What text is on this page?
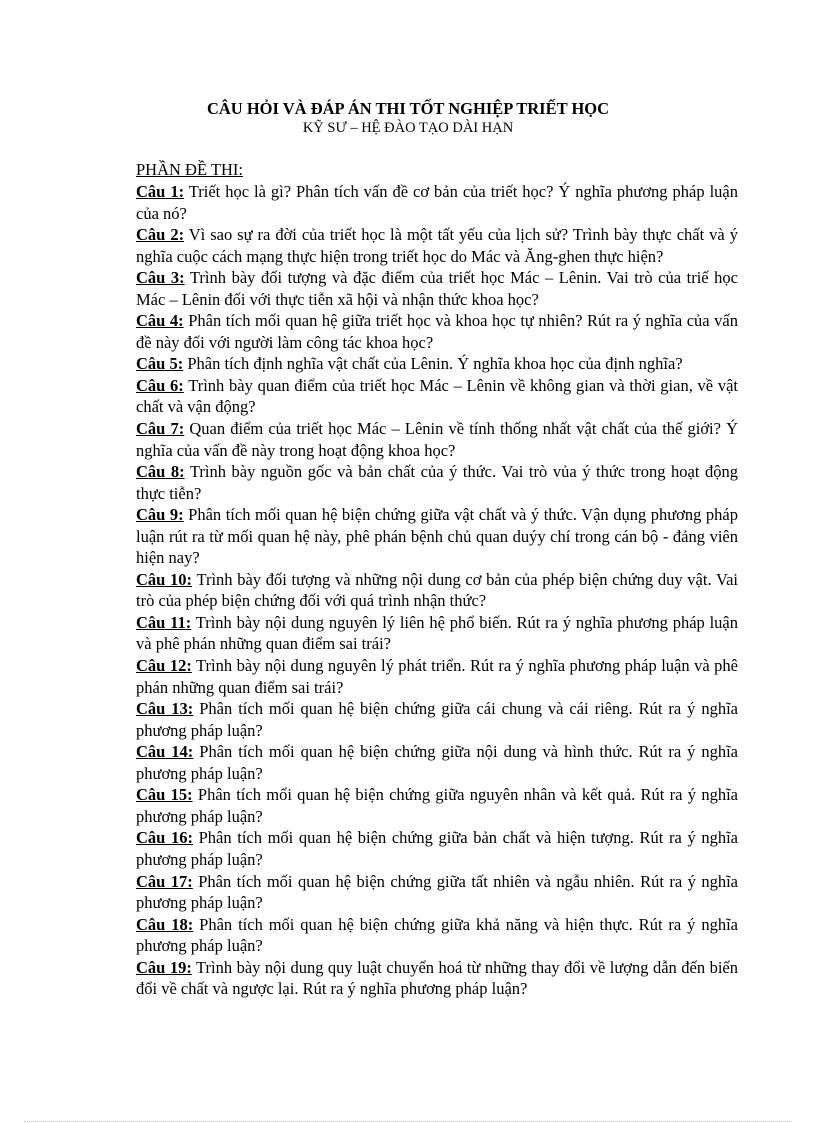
CÂU HỎI VÀ ĐÁP ÁN THI TỐT NGHIỆP TRIẾT HỌC
KỸ SƯ – HỆ ĐÀO TẠO DÀI HẠN
PHẦN ĐỀ THI:

Câu 1: Triết học là gì? Phân tích vấn đề cơ bản của triết học? Ý nghĩa phương pháp luận của nó?

Câu 2: Vì sao sự ra đời của triết học là một tất yếu của lịch sử? Trình bày thực chất và ý nghĩa cuộc cách mạng thực hiện trong triết học do Mác và Ăng-ghen thực hiện?

Câu 3: Trình bày đối tượng và đặc điểm của triết học Mác – Lênin. Vai trò của triế học Mác – Lênin đối với thực tiễn xã hội và nhận thức khoa học?

Câu 4: Phân tích mối quan hệ giữa triết học và khoa học tự nhiên? Rút ra ý nghĩa của vấn đề này đối với người làm công tác khoa học?

Câu 5: Phân tích định nghĩa vật chất của Lênin. Ý nghĩa khoa học của định nghĩa?

Câu 6: Trình bày quan điểm của triết học Mác – Lênin về không gian và thời gian, về vật chất và vận động?

Câu 7: Quan điểm của triết học Mác – Lênin về tính thống nhất vật chất của thế giới? Ý nghĩa của vấn đề này trong hoạt động khoa học?

Câu 8: Trình bày nguồn gốc và bản chất của ý thức. Vai trò vủa ý thức trong hoạt động thực tiễn?

Câu 9: Phân tích mối quan hệ biện chứng giữa vật chất và ý thức. Vận dụng phương pháp luận rút ra từ mối quan hệ này, phê phán bệnh chủ quan duýy chí trong cán bộ - đảng viên hiện nay?

Câu 10: Trình bày đối tượng và những nội dung cơ bản của phép biện chứng duy vật. Vai trò của phép biện chứng đối với quá trình nhận thức?

Câu 11: Trình bày nội dung nguyên lý liên hệ phổ biến. Rút ra ý nghĩa phương pháp luận và phê phán những quan điểm sai trái?

Câu 12: Trình bày nội dung nguyên lý phát triển. Rút ra ý nghĩa phương pháp luận và phê phán những quan điểm sai trái?

Câu 13: Phân tích mối quan hệ biện chứng giữa cái chung và cái riêng. Rút ra ý nghĩa phương pháp luận?

Câu 14: Phân tích mối quan hệ biện chứng giữa nội dung và hình thức. Rút ra ý nghĩa phương pháp luận?

Câu 15: Phân tích mối quan hệ biện chứng giữa nguyên nhân và kết quả. Rút ra ý nghĩa phương pháp luận?

Câu 16: Phân tích mối quan hệ biện chứng giữa bản chất và hiện tượng. Rút ra ý nghĩa phương pháp luận?

Câu 17: Phân tích mối quan hệ biện chứng giữa tất nhiên và ngẫu nhiên. Rút ra ý nghĩa phương pháp luận?

Câu 18: Phân tích mối quan hệ biện chứng giữa khả năng và hiện thực. Rút ra ý nghĩa phương pháp luận?

Câu 19: Trình bày nội dung quy luật chuyển hoá từ những thay đổi về lượng dẫn đến biến đổi về chất và ngược lại. Rút ra ý nghĩa phương pháp luận?
